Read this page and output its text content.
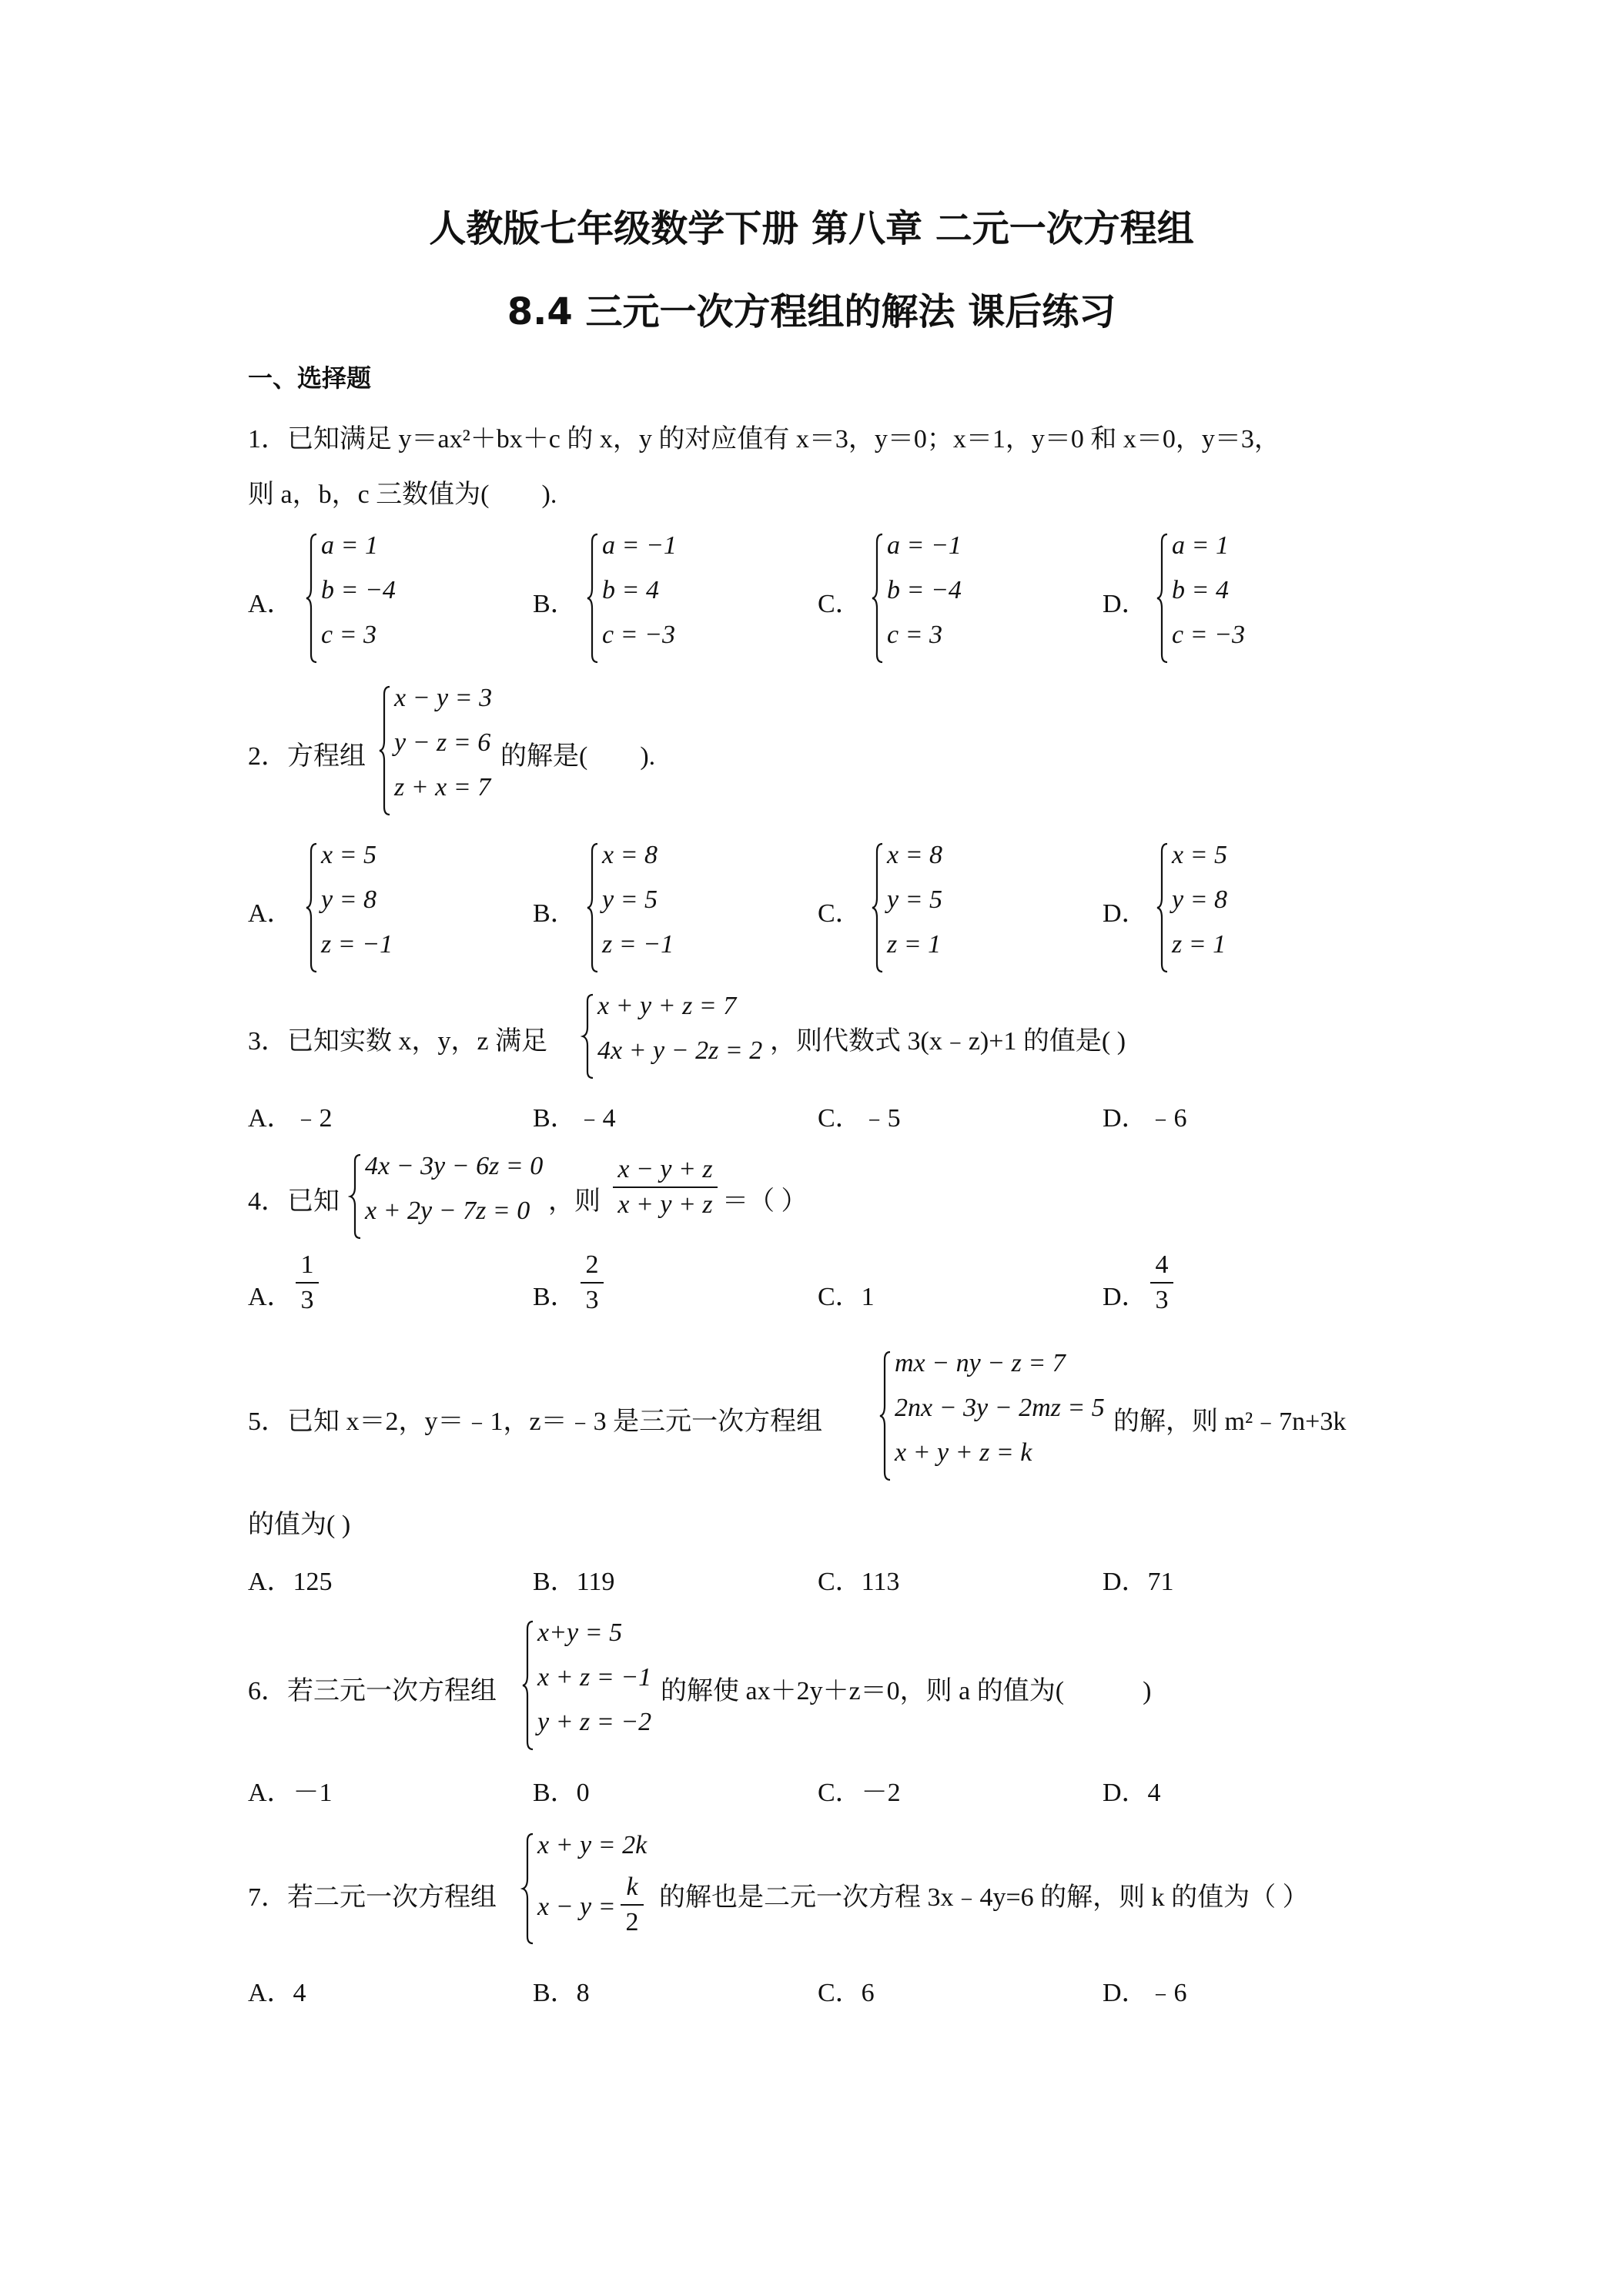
人教版七年级数学下册 第八章 二元一次方程组
8.4 三元一次方程组的解法 课后练习
一、选择题
1．已知满足 y＝ax²＋bx＋c 的 x，y 的对应值有 x＝3，y＝0；x＝1，y＝0 和 x＝0，y＝3，
则 a，b，c 三数值为(　　).
A．
a = 1
b = −4
c = 3
B．
a = −1
b = 4
c = −3
C．
a = −1
b = −4
c = 3
D．
a = 1
b = 4
c = −3
2．方程组
x − y = 3
y − z = 6
z + x = 7
的解是(　　).
A．
x = 5
y = 8
z = −1
B．
x = 8
y = 5
z = −1
C．
x = 8
y = 5
z = 1
D．
x = 5
y = 8
z = 1
3．已知实数 x，y，z 满足
x + y + z = 7
4x + y − 2z = 2 ，则代数式 3(x﹣z)+1 的值是( )
A．﹣2	B．﹣4	C．﹣5	D．﹣6
4．已知
4x − 3y − 6z = 0
x + 2y − 7z = 0 ，则
x − y + z
x + y + z ＝（ ）
A．
1
3	B．
2
3	C．1	D．
4
3
5．已知 x＝2，y＝﹣1，z＝﹣3 是三元一次方程组
mx − ny − z = 7
2nx − 3y − 2mz = 5
x + y + z = k
的解，则 m²﹣7n+3k
的值为( )
A．125	B．119	C．113	D．71
6．若三元一次方程组
x+y = 5
x + z = −1
y + z = −2
的解使 ax＋2y＋z＝0，则 a 的值为(　　　)
A．－1	B．0	C．－2	D．4
7．若二元一次方程组
x + y = 2k
x − y =
k
2
的解也是二元一次方程 3x﹣4y=6 的解，则 k 的值为（ ）
A．4	B．8	C．6	D．﹣6
